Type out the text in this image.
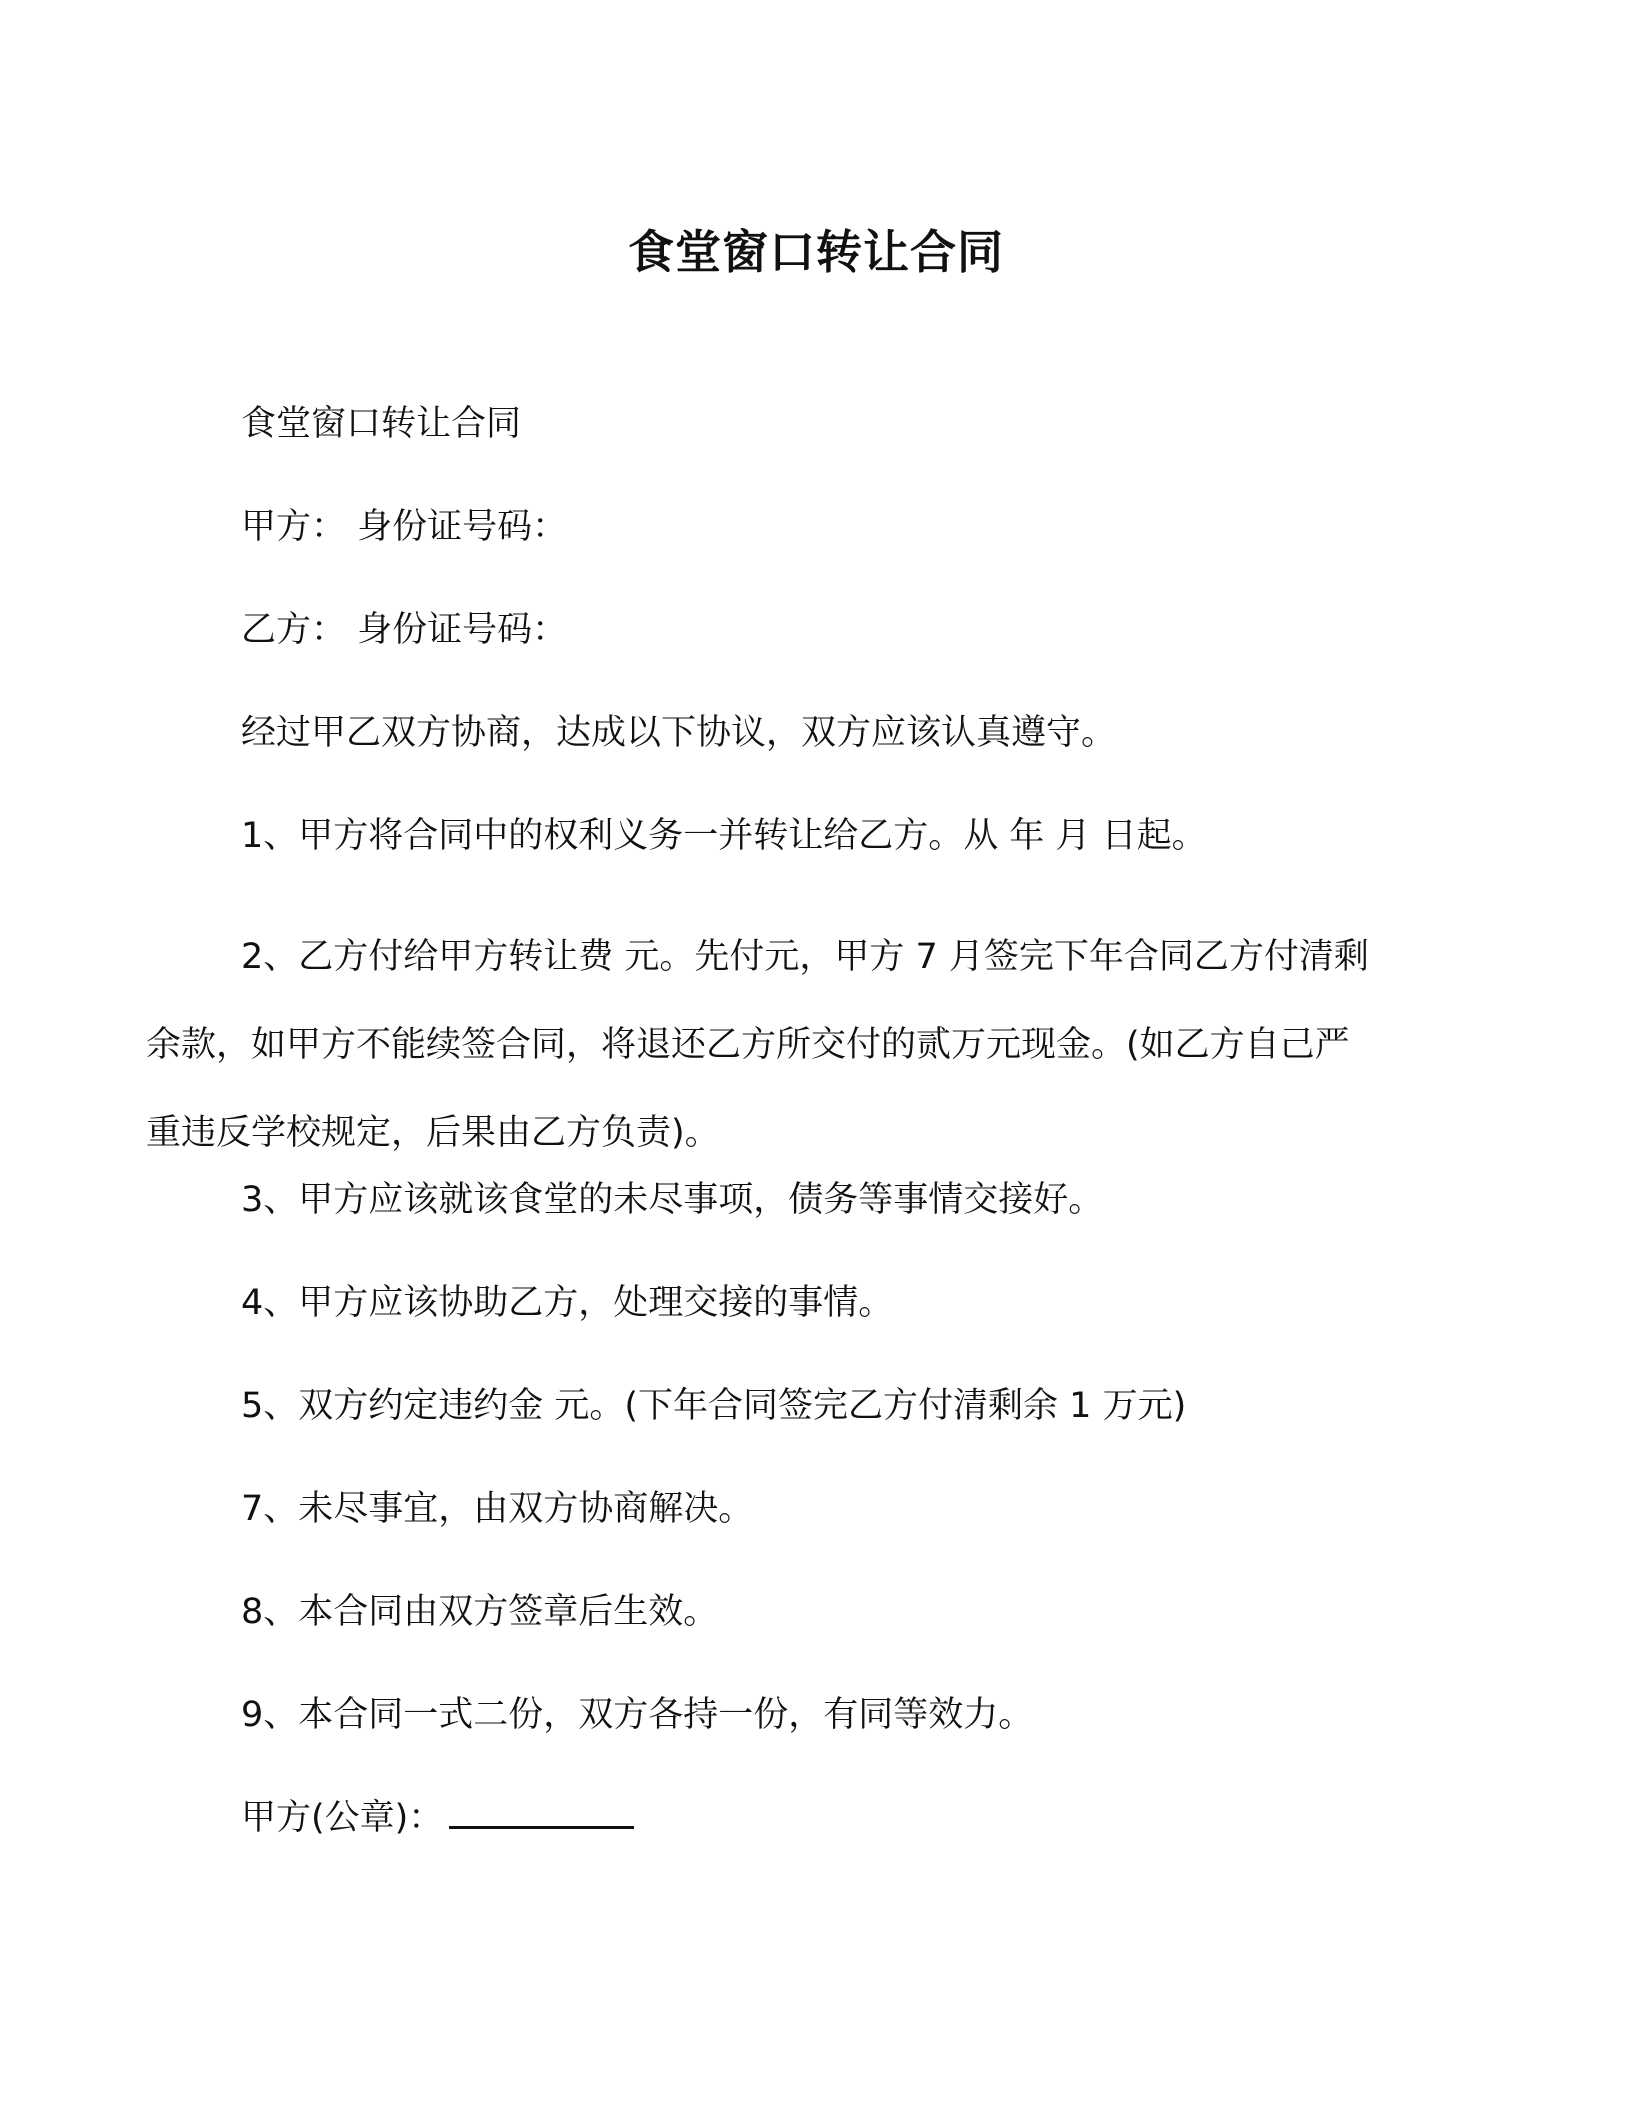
食堂窗口转让合同
食堂窗口转让合同
甲方： 身份证号码：
乙方： 身份证号码：
经过甲乙双方协商，达成以下协议，双方应该认真遵守。
1、甲方将合同中的权利义务一并转让给乙方。从 年 月 日起。
2、乙方付给甲方转让费 元。先付元，甲方 7 月签完下年合同乙方付清剩余款，如甲方不能续签合同，将退还乙方所交付的贰万元现金。(如乙方自己严重违反学校规定，后果由乙方负责)。
3、甲方应该就该食堂的未尽事项，债务等事情交接好。
4、甲方应该协助乙方，处理交接的事情。
5、双方约定违约金 元。(下年合同签完乙方付清剩余 1 万元)
7、未尽事宜，由双方协商解决。
8、本合同由双方签章后生效。
9、本合同一式二份，双方各持一份，有同等效力。
甲方(公章)：
